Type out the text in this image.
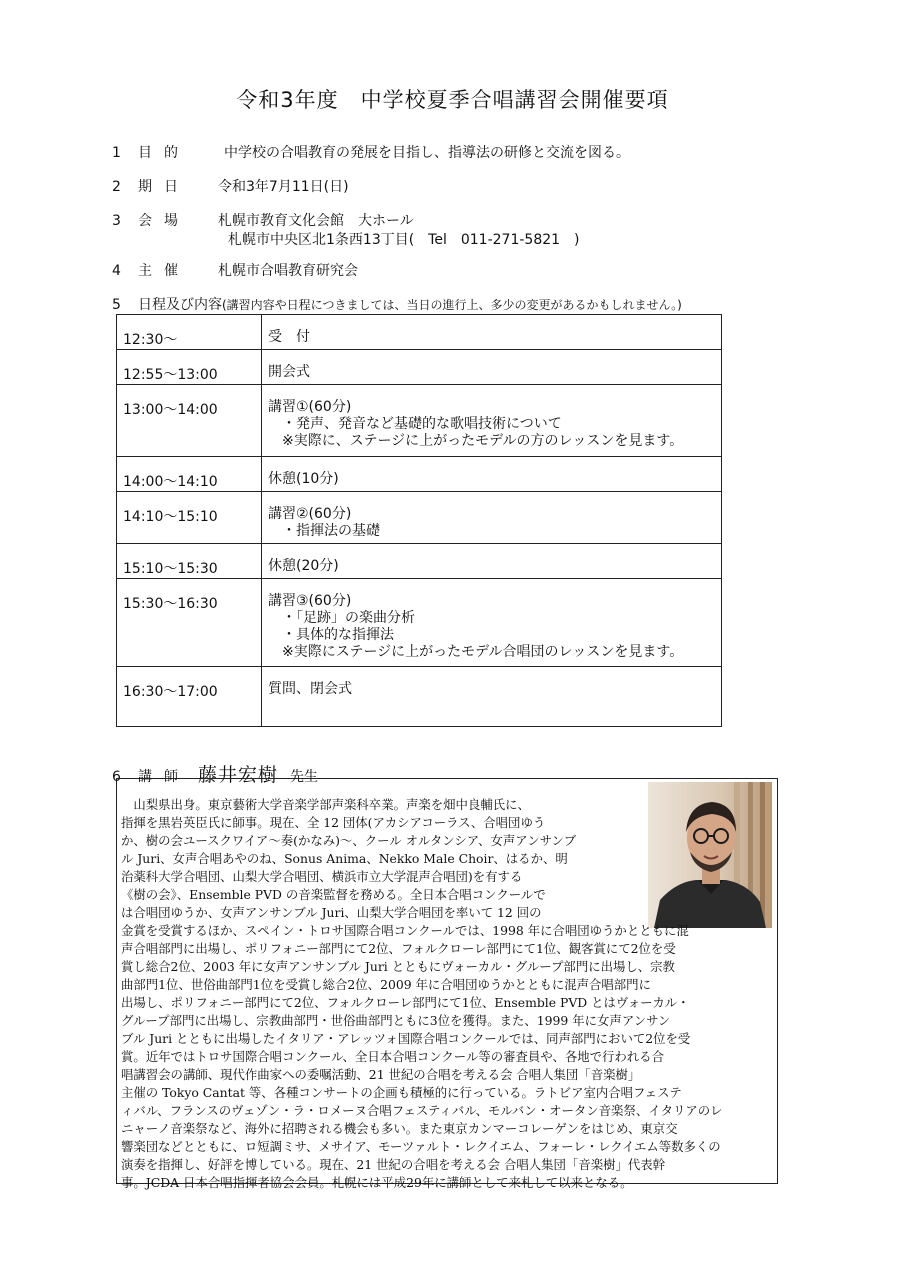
令和3年度　中学校夏季合唱講習会開催要項
1 目的 中学校の合唱教育の発展を目指し、指導法の研修と交流を図る。
2 期日 令和3年7月11日(日)
3 会場 札幌市教育文化会館　大ホール
札幌市中央区北1条西13丁目(　Tel　011-271-5821　)
4 主催 札幌市合唱教育研究会
5 日程及び内容(講習内容や日程につきましては、当日の進行上、多少の変更があるかもしれません。)
12:30〜	受　付

12:55〜13:00	開会式

13:00〜14:00	講習①(60分)
・発声、発音など基礎的な歌唱技術について
※実際に、ステージに上がったモデルの方のレッスンを見ます。

14:00〜14:10	休憩(10分)

14:10〜15:10	講習②(60分)
・指揮法の基礎

15:10〜15:30	休憩(20分)

15:30〜16:30	講習③(60分)
・「足跡」の楽曲分析
・具体的な指揮法
※実際にステージに上がったモデル合唱団のレッスンを見ます。

16:30〜17:00	質問、閉会式
6 講師 藤井宏樹 先生
　山梨県出身。東京藝術大学音楽学部声楽科卒業。声楽を畑中良輔氏に、
指揮を黒岩英臣氏に師事。現在、全 12 団体(アカシアコーラス、合唱団ゆう
か、樹の会ユースクワイア〜奏(かなみ)〜、クール オルタンシア、女声アンサンブ
ル Juri、女声合唱あやのね、Sonus Anima、Nekko Male Choir、はるか、明
治薬科大学合唱団、山梨大学合唱団、横浜市立大学混声合唱団)を有する
《樹の会》、Ensemble PVD の音楽監督を務める。全日本合唱コンクールで
は合唱団ゆうか、女声アンサンブル Juri、山梨大学合唱団を率いて 12 回の
金賞を受賞するほか、スペイン・トロサ国際合唱コンクールでは、1998 年に合唱団ゆうかとともに混
声合唱部門に出場し、ポリフォニー部門にて2位、フォルクローレ部門にて1位、観客賞にて2位を受
賞し総合2位、2003 年に女声アンサンブル Juri とともにヴォーカル・グループ部門に出場し、宗教
曲部門1位、世俗曲部門1位を受賞し総合2位、2009 年に合唱団ゆうかとともに混声合唱部門に
出場し、ポリフォニー部門にて2位、フォルクローレ部門にて1位、Ensemble PVD とはヴォーカル・
グループ部門に出場し、宗教曲部門・世俗曲部門ともに3位を獲得。また、1999 年に女声アンサン
ブル Juri とともに出場したイタリア・アレッツォ国際合唱コンクールでは、同声部門において2位を受
賞。近年ではトロサ国際合唱コンクール、全日本合唱コンクール等の審査員や、各地で行われる合
唱講習会の講師、現代作曲家への委嘱活動、21 世紀の合唱を考える会 合唱人集団「音楽樹」
主催の Tokyo Cantat 等、各種コンサートの企画も積極的に行っている。ラトビア室内合唱フェステ
ィバル、フランスのヴェゾン・ラ・ロメーヌ合唱フェスティバル、モルバン・オータン音楽祭、イタリアのレ
ニャーノ音楽祭など、海外に招聘される機会も多い。また東京カンマーコレーゲンをはじめ、東京交
響楽団などとともに、ロ短調ミサ、メサイア、モーツァルト・レクイエム、フォーレ・レクイエム等数多くの
演奏を指揮し、好評を博している。現在、21 世紀の合唱を考える会 合唱人集団「音楽樹」代表幹
事。JCDA 日本合唱指揮者協会会員。札幌には平成29年に講師として来札して以来となる。
